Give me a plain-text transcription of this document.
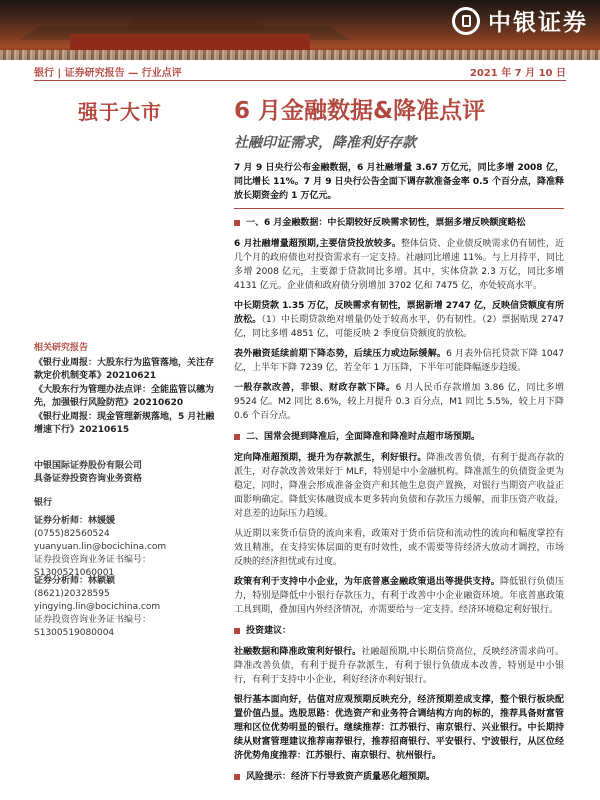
中银证券
银行 | 证券研究报告 — 行业点评	2021 年 7 月 10 日
强于大市	6 月金融数据&降准点评
社融印证需求，降准利好存款

7 月 9 日央行公布金融数据，6 月社融增量 3.67 万亿元，同比多增 2008 亿，同比增长 11%。7 月 9 日央行公告全面下调存款准备金率 0.5 个百分点，降准释放长期资金约 1 万亿元。

一、6 月金融数据：中长期较好反映需求韧性，票据多增反映额度略松

6 月社融增量超预期,主要信贷投放较多。整体信贷、企业债反映需求仍有韧性，近几个月的政府债也对投资需求有一定支持。社融同比增速 11%。与上月持平，同比多增 2008 亿元，主要源于贷款同比多增。其中，实体贷款 2.3 万亿，同比多增 4131 亿元。企业债和政府债分别增加 3702 亿和 7475 亿，亦处较高水平。

中长期贷款 1.35 万亿，反映需求有韧性，票据新增 2747 亿，反映信贷额度有所放松。（1）中长期贷款绝对增量仍处于较高水平，仍有韧性。（2）票据贴现 2747 亿，同比多增 4851 亿，可能反映 2 季度信贷额度的放松。

表外融资延续前期下降态势，后续压力或边际缓解。6 月表外信托贷款下降 1047 亿，上半年下降 7239 亿，若全年 1 万压降，下半年可能降幅逐步趋缓。

一般存款改善，非银、财政存款下降。6 月人民币存款增加 3.86 亿，同比多增 9524 亿。M2 同比 8.6%，较上月提升 0.3 百分点，M1 同比 5.5%，较上月下降 0.6 个百分点。

二、国常会提到降准后，全面降准和降准时点超市场预期。

定向降准超预期，提升为存款派生，利好银行。降准改善负债，有利于提高存款的派生，对存款改善效果好于 MLF，特别是中小金融机构。降准派生的负债资金更为稳定，同时，降准会形成准备金资产和其他生息资产置换，对银行当期资产收益正面影响确定。降低实体融资成本更多转向负债和存款压力缓解，而非压资产收益，对息差的边际压力趋缓。

从近期以来货币信贷的流向来看，政策对于货币信贷和流动性的流向和幅度掌控有效且精准，在支持实体层面的更有时效性，或不需要等待经济大放动才调控，市场反映的经济担忧或有过度。

政策有利于支持中小企业，为年底普惠金融政策退出等提供支持。降低银行负债压力，特别是降低中小银行存款压力，有利于改善中小企业融资环境。年底普惠政策工具到期，叠加国内外经济情况，亦需要给与一定支持。经济环境稳定利好银行。

投资建议：

社融数据和降准政策利好银行。社融超预期,中长期信贷高位，反映经济需求尚可。降准改善负债，有利于提升存款派生，有利于银行负债成本改善，特别是中小银行，有利于支持中小企业，利好经济亦利好银行。

银行基本面向好，估值对应观预期反映充分，经济预期差成支撑，整个银行板块配置价值凸显。选股思路：优选资产和业务符合调结构方向的标的，推荐具备财富管理和区位优势明显的银行。继续推荐：江苏银行、南京银行、兴业银行。中长期持续从财富管理建议推荐南荐银行，推荐招商银行、平安银行、宁波银行，从区位经济优势角度推荐：江苏银行、南京银行、杭州银行。

风险提示：经济下行导致资产质量恶化超预期。
相关研究报告
《银行业周报：大股东行为监管落地，关注存款定价机制变革》20210621
《大股东行为管理办法点评：全能监管以穗为先，加强银行风险防范》20210620
《银行业周报：现金管理新规落地，5 月社融增速下行》20210615
中银国际证券股份有限公司
具备证券投资咨询业务资格
银行
证券分析师：林媛媛
(0755)82560524
yuanyuan.lin@bocichina.com
证券投资咨询业务证书编号：S1300521060001
证券分析师：林颖颖
(8621)20328595
yingying.lin@bocichina.com
证券投资咨询业务证书编号：S1300519080004
